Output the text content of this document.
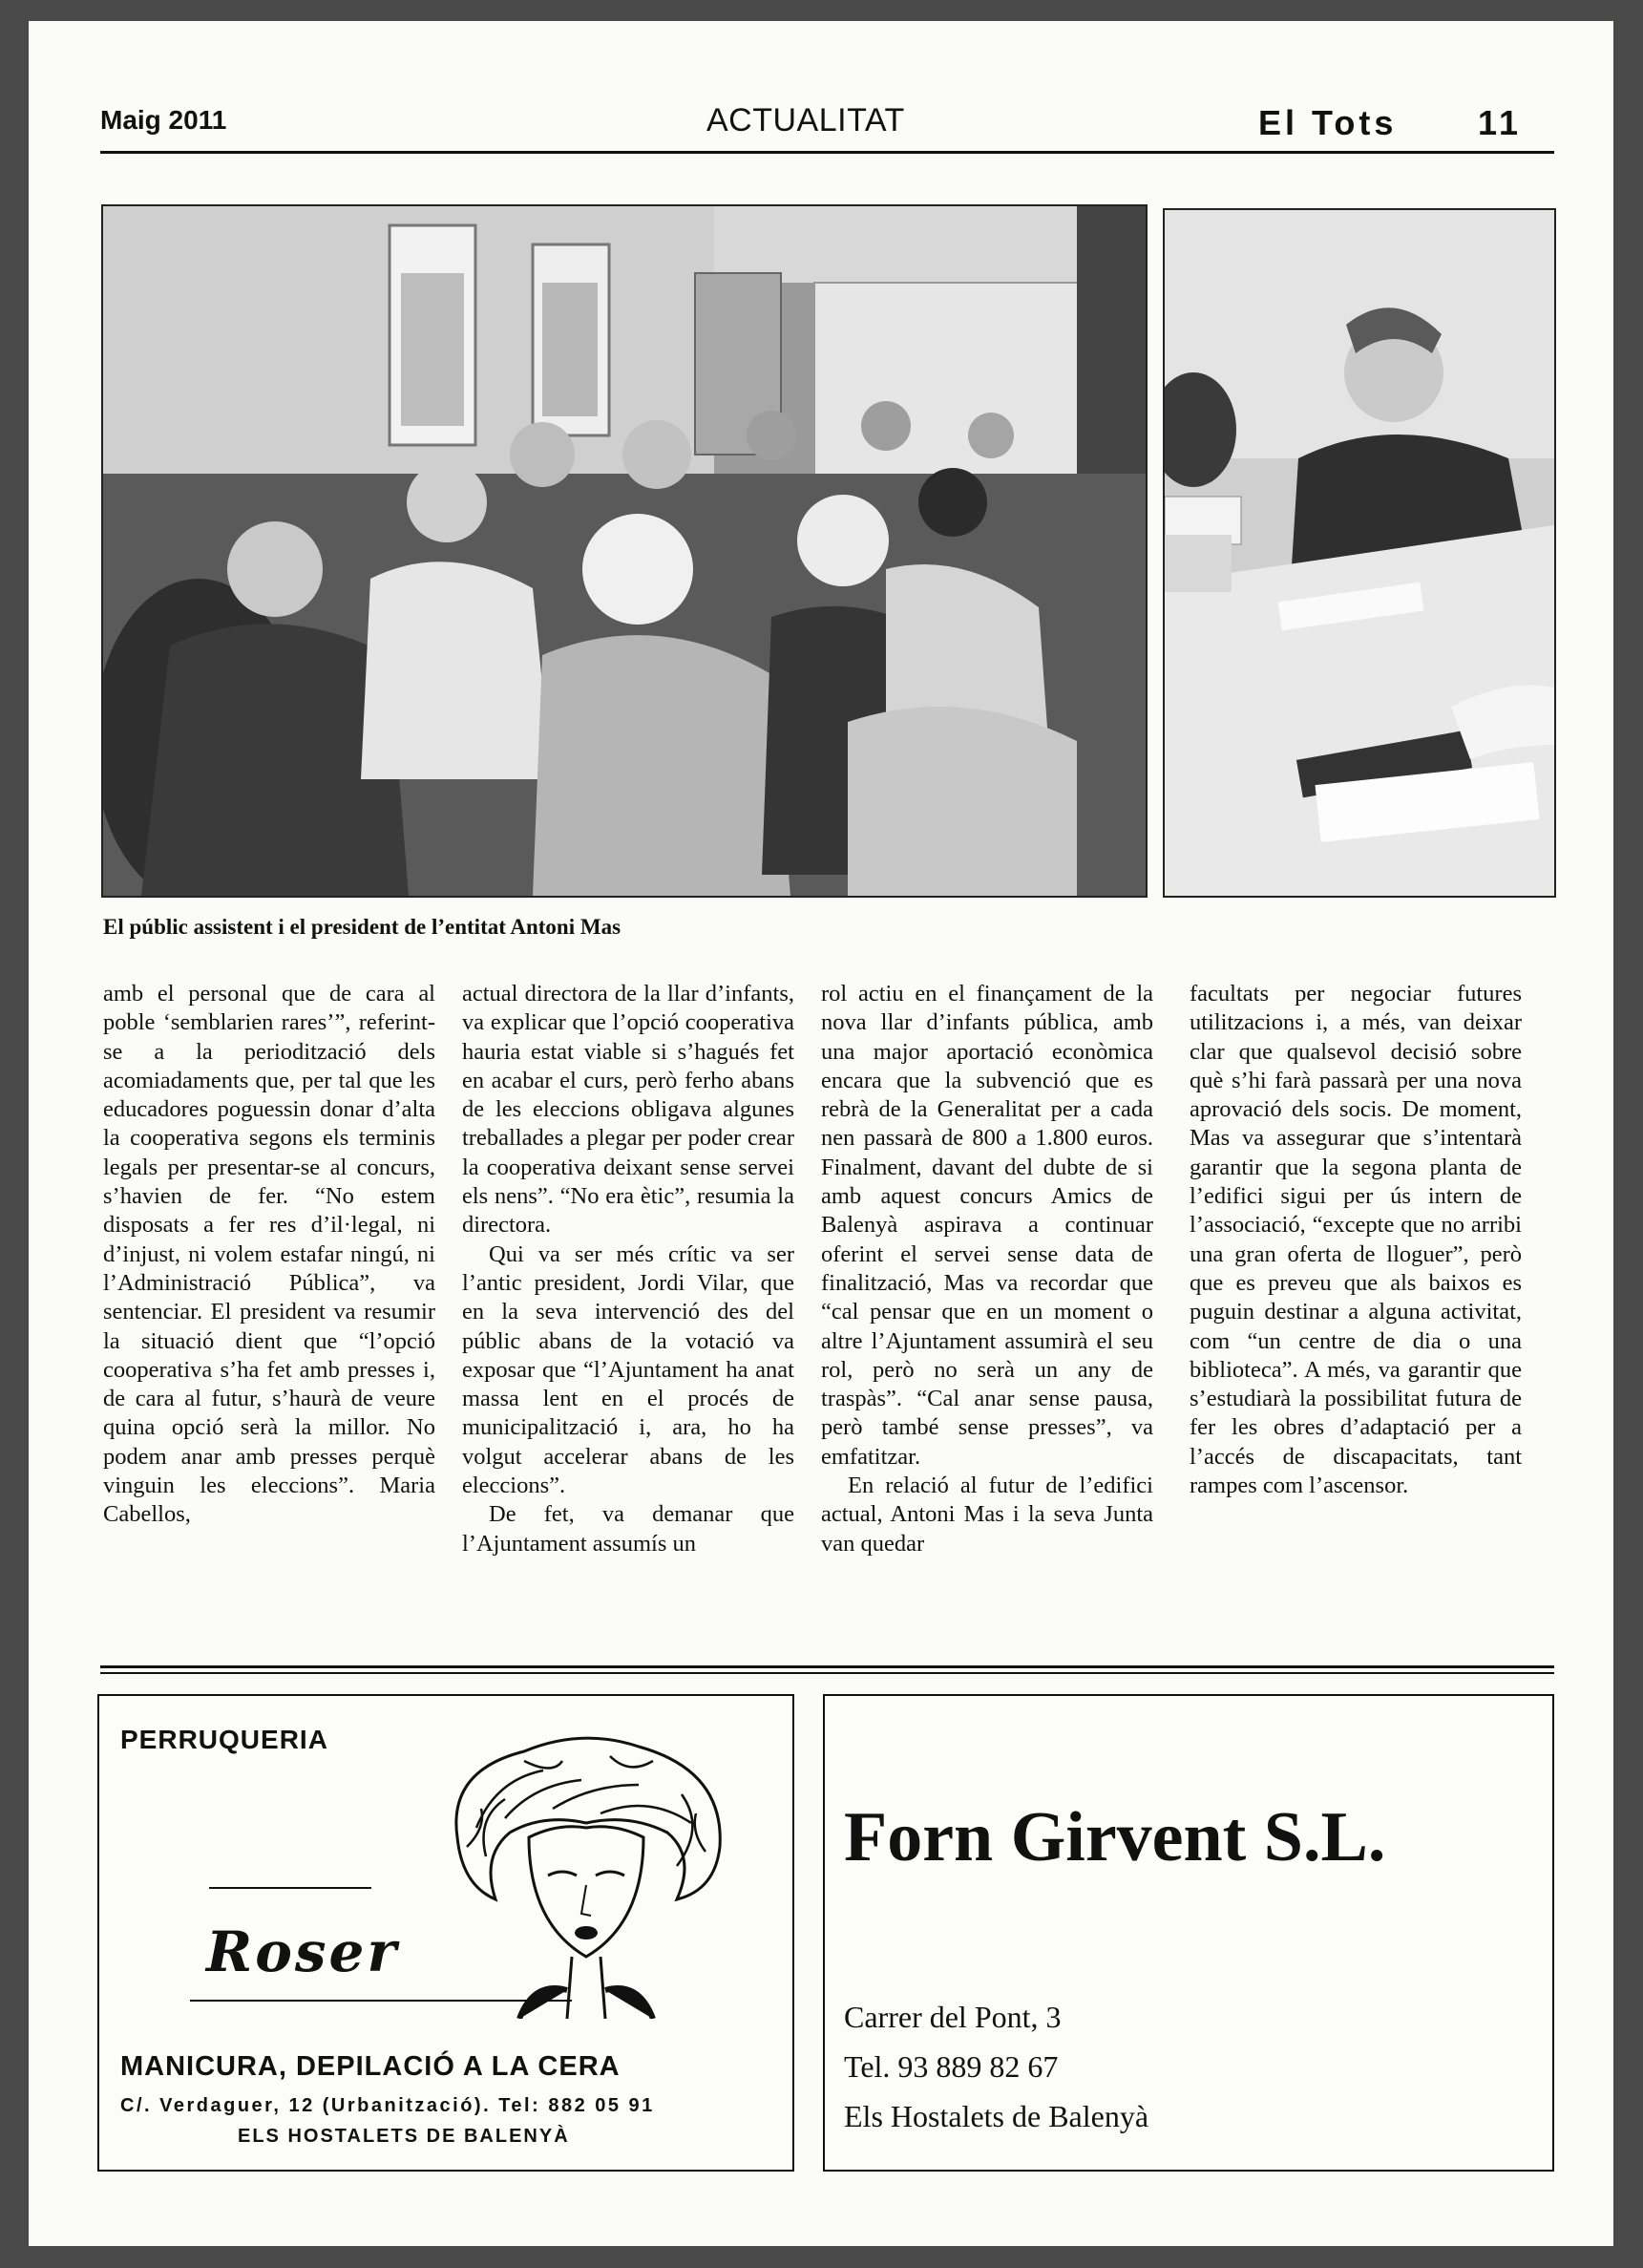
Maig 2011	ACTUALITAT	El Tots 11
El públic assistent i el president de l’entitat Antoni Mas

amb el personal que de cara al poble ‘semblarien rares’”, referint-se a la periodització dels acomiadaments que, per tal que les educadores poguessin donar d’alta la cooperativa segons els terminis legals per presentar-se al concurs, s’havien de fer. “No estem disposats a fer res d’il·legal, ni d’injust, ni volem estafar ningú, ni l’Administració Pública”, va sentenciar. El president va resumir la situació dient que “l’opció cooperativa s’ha fet amb presses i, de cara al futur, s’haurà de veure quina opció serà la millor. No podem anar amb presses perquè vinguin les eleccions”. Maria Cabellos,

actual directora de la llar d’infants, va explicar que l’opció cooperativa hauria estat viable si s’hagués fet en acabar el curs, però ferho abans de les eleccions obligava algunes treballades a plegar per poder crear la cooperativa deixant sense servei els nens”. “No era ètic”, resumia la directora.

Qui va ser més crític va ser l’antic president, Jordi Vilar, que en la seva intervenció des del públic abans de la votació va exposar que “l’Ajuntament ha anat massa lent en el procés de municipalització i, ara, ho ha volgut accelerar abans de les eleccions”.

De fet, va demanar que l’Ajuntament assumís un

rol actiu en el finançament de la nova llar d’infants pública, amb una major aportació econòmica encara que la subvenció que es rebrà de la Generalitat per a cada nen passarà de 800 a 1.800 euros. Finalment, davant del dubte de si amb aquest concurs Amics de Balenyà aspirava a continuar oferint el servei sense data de finalització, Mas va recordar que “cal pensar que en un moment o altre l’Ajuntament assumirà el seu rol, però no serà un any de traspàs”. “Cal anar sense pausa, però també sense presses”, va emfatitzar.

En relació al futur de l’edifici actual, Antoni Mas i la seva Junta van quedar

facultats per negociar futures utilitzacions i, a més, van deixar clar que qualsevol decisió sobre què s’hi farà passarà per una nova aprovació dels socis. De moment, Mas va assegurar que s’intentarà garantir que la segona planta de l’edifici sigui per ús intern de l’associació, “excepte que no arribi una gran oferta de lloguer”, però que es preveu que als baixos es puguin destinar a alguna activitat, com “un centre de dia o una biblioteca”. A més, va garantir que s’estudiarà la possibilitat futura de fer les obres d’adaptació per a l’accés de discapacitats, tant rampes com l’ascensor.

PERRUQUERIA
Roser
MANICURA, DEPILACIÓ A LA CERA
C/. Verdaguer, 12 (Urbanització). Tel: 882 05 91
ELS HOSTALETS DE BALENYÀ
Forn Girvent S.L.
Carrer del Pont, 3
Tel. 93 889 82 67
Els Hostalets de Balenyà
